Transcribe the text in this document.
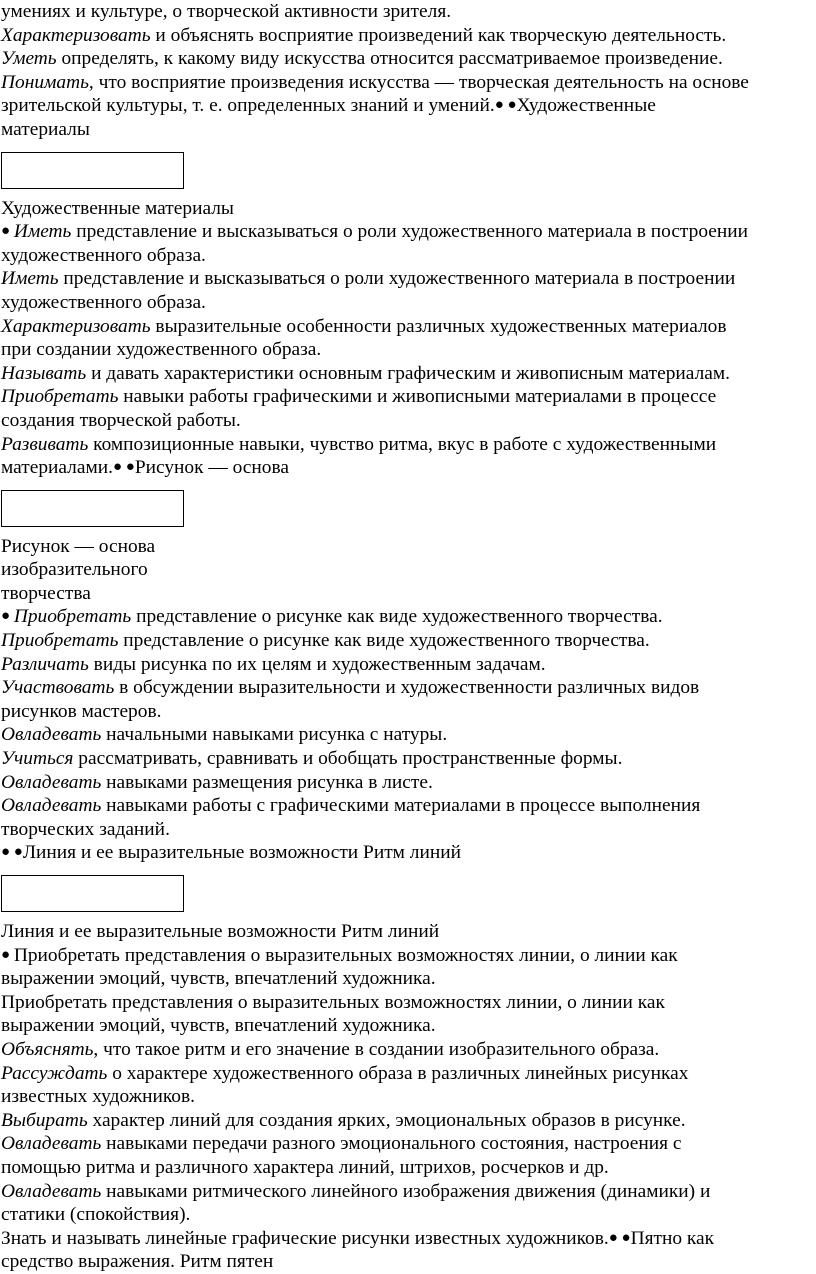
умениях и культуре, о творческой активности зрителя.
Характеризовать и объяснять восприятие произведений как творческую деятельность.
Уметь определять, к какому виду искусства относится рассматриваемое произведение.
Понимать, что восприятие произведения искусства — творческая деятельность на основе
зрительской культуры, т. е. определенных знаний и умений.● ●Художественные
материалы
Художественные материалы
● Иметь представление и высказываться о роли художественного материала в построении
художественного образа.
Иметь представление и высказываться о роли художественного материала в построении
художественного образа.
Характеризовать выразительные особенности различных художественных материалов
при создании художественного образа.
Называть и давать характеристики основным графическим и живописным материалам.
Приобретать навыки работы графическими и живописными материалами в процессе
создания творческой работы.
Развивать композиционные навыки, чувство ритма, вкус в работе с художественными
материалами.● ●Рисунок — основа
Рисунок — основа
изобразительного
творчества
● Приобретать представление о рисунке как виде художественного творчества.
Приобретать представление о рисунке как виде художественного творчества.
Различать виды рисунка по их целям и художественным задачам.
Участвовать в обсуждении выразительности и художественности различных видов
рисунков мастеров.
Овладевать начальными навыками рисунка с натуры.
Учиться рассматривать, сравнивать и обобщать пространственные формы.
Овладевать навыками размещения рисунка в листе.
Овладевать навыками работы с графическими материалами в процессе выполнения
творческих заданий.
● ●Линия и ее выразительные возможности Ритм линий
Линия и ее выразительные возможности Ритм линий
● Приобретать представления о выразительных возможностях линии, о линии как
выражении эмоций, чувств, впечатлений художника.
Приобретать представления о выразительных возможностях линии, о линии как
выражении эмоций, чувств, впечатлений художника.
Объяснять, что такое ритм и его значение в создании изобразительного образа.
Рассуждать о характере художественного образа в различных линейных рисунках
известных художников.
Выбирать характер линий для создания ярких, эмоциональных образов в рисунке.
Овладевать навыками передачи разного эмоционального состояния, настроения с
помощью ритма и различного характера линий, штрихов, росчерков и др.
Овладевать навыками ритмического линейного изображения движения (динамики) и
статики (спокойствия).
Знать и называть линейные графические рисунки известных художников.● ●Пятно как
средство выражения. Ритм пятен
